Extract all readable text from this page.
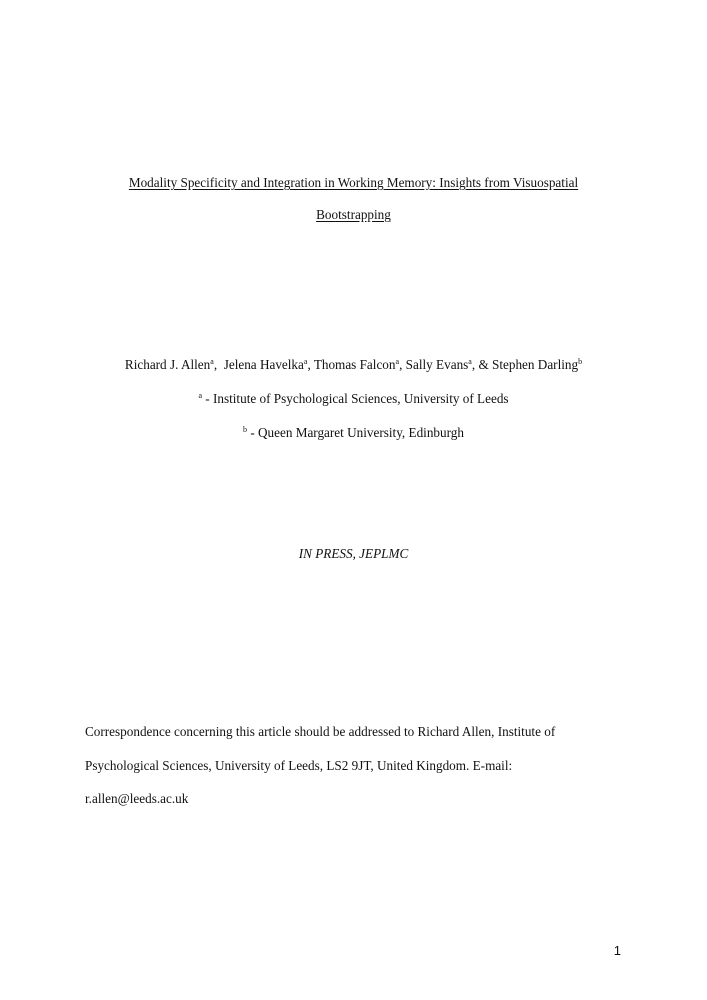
Modality Specificity and Integration in Working Memory: Insights from Visuospatial
Bootstrapping
Richard J. Allen$^a$,  Jelena Havelka$^a$, Thomas Falcon$^a$, Sally Evans$^a$, & Stephen Darling$^b$
$^a$ - Institute of Psychological Sciences, University of Leeds
$^b$ - Queen Margaret University, Edinburgh
IN PRESS, JEPLMC
Correspondence concerning this article should be addressed to Richard Allen, Institute of
Psychological Sciences, University of Leeds, LS2 9JT, United Kingdom. E-mail:
r.allen@leeds.ac.uk
1
